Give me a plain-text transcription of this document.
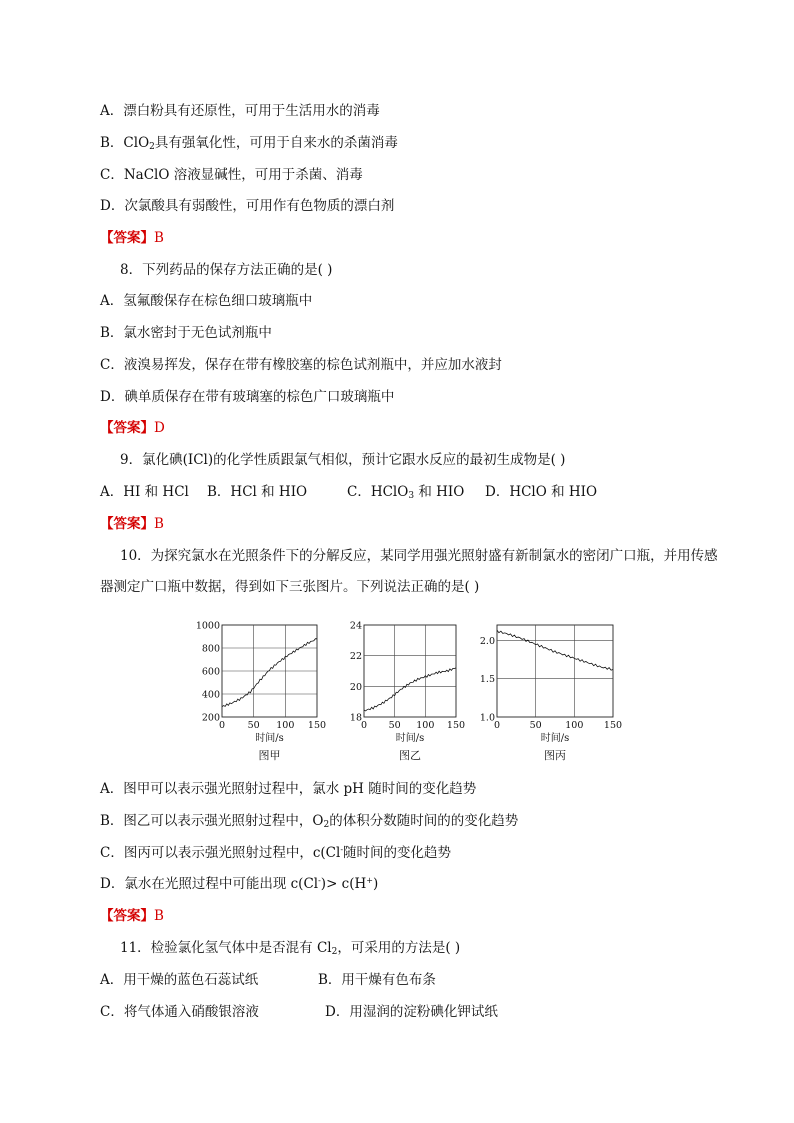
A．漂白粉具有还原性，可用于生活用水的消毒
B．ClO$_2$具有强氧化性，可用于自来水的杀菌消毒
C．NaClO 溶液显碱性，可用于杀菌、消毒
D．次氯酸具有弱酸性，可用作有色物质的漂白剂
【答案】B
8．下列药品的保存方法正确的是( )
A．氢氟酸保存在棕色细口玻璃瓶中
B．氯水密封于无色试剂瓶中
C．液溴易挥发，保存在带有橡胶塞的棕色试剂瓶中，并应加水液封
D．碘单质保存在带有玻璃塞的棕色广口玻璃瓶中
【答案】D
9．氯化碘(ICl)的化学性质跟氯气相似，预计它跟水反应的最初生成物是( )
A．HI 和 HCl B．HCl 和 HIO	C．HClO$_3$ 和 HIO D．HClO 和 HIO
【答案】B
10．为探究氯水在光照条件下的分解反应，某同学用强光照射盛有新制氯水的密闭广口瓶，并用传感
器测定广口瓶中数据，得到如下三张图片。下列说法正确的是( )
0 50 100 150
200
400
600
800
1000
时间/s
图甲
0 50 100 150
18
20
22
24
时间/s
图乙
0	50 100 150
1.0
1.5
2.0
时间/s
图丙
A．图甲可以表示强光照射过程中，氯水 pH 随时间的变化趋势
B．图乙可以表示强光照射过程中，$O_2$的体积分数随时间的的变化趋势
C．图丙可以表示强光照射过程中，c(Cl-随时间的变化趋势
D．氯水在光照过程中可能出现 c(Cl-)> c(H+)
【答案】B
11．检验氯化氢气体中是否混有 $Cl_2$，可采用的方法是( )
A．用干燥的蓝色石蕊试纸	B．用干燥有色布条
C．将气体通入硝酸银溶液	D．用湿润的淀粉碘化钾试纸
